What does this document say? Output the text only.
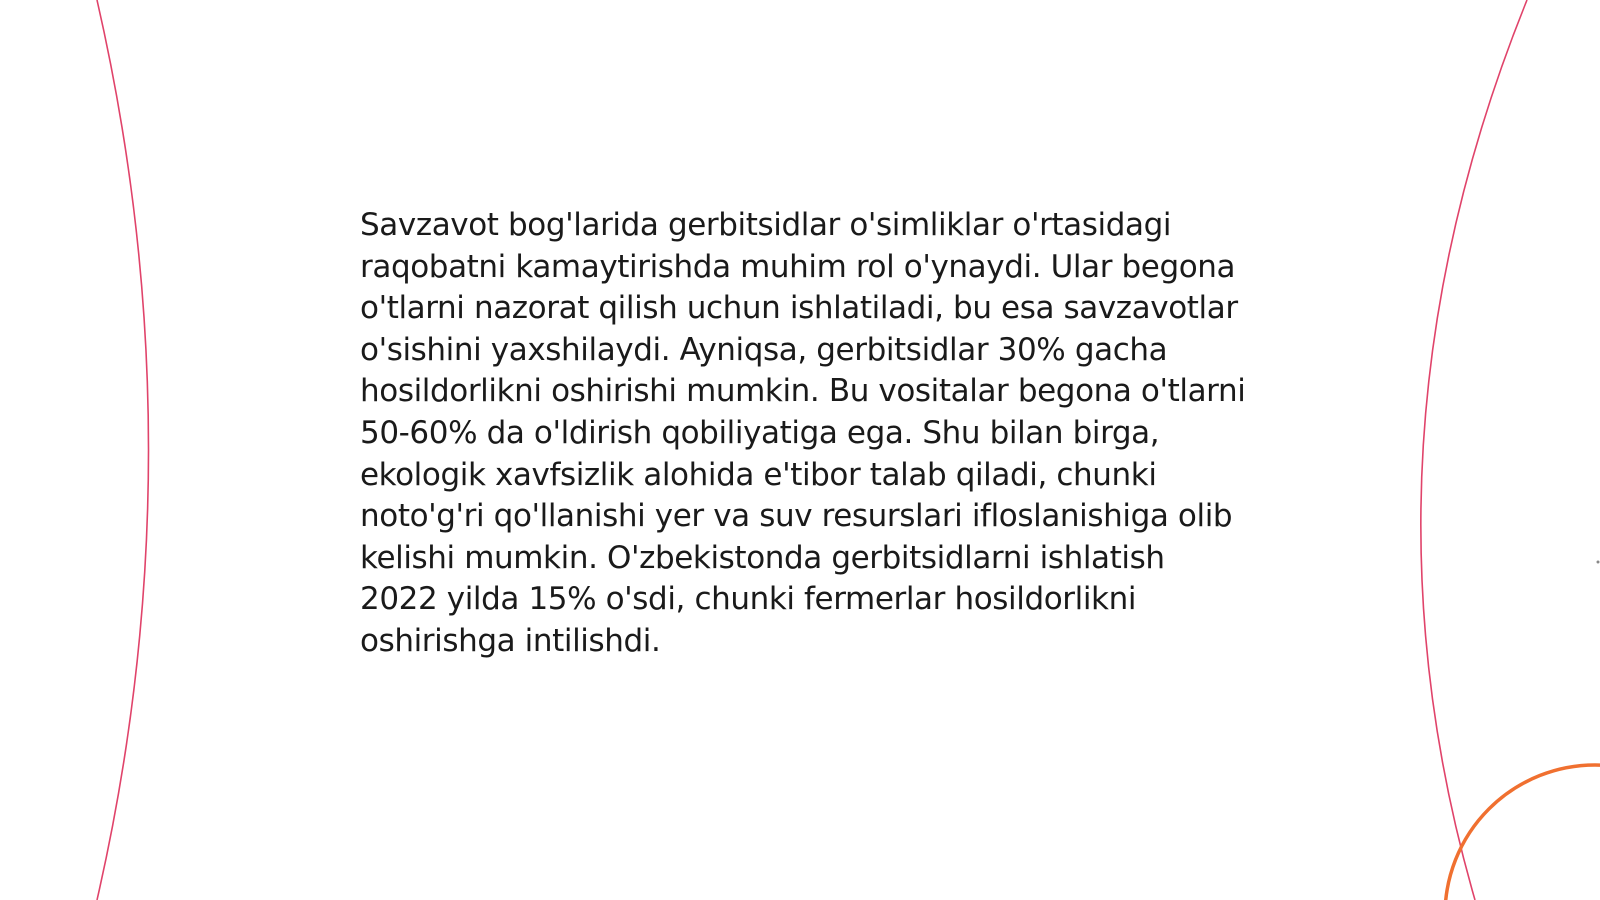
Savzavot bog'larida gerbitsidlar o'simliklar o'rtasidagi raqobatni kamaytirishda muhim rol o'ynaydi. Ular begona o'tlarni nazorat qilish uchun ishlatiladi, bu esa savzavotlar o'sishini yaxshilaydi. Ayniqsa, gerbitsidlar 30% gacha hosildorlikni oshirishi mumkin. Bu vositalar begona o'tlarni 50-60% da o'ldirish qobiliyatiga ega. Shu bilan birga, ekologik xavfsizlik alohida e'tibor talab qiladi, chunki noto'g'ri qo'llanishi yer va suv resurslari ifloslanishiga olib kelishi mumkin. O'zbekistonda gerbitsidlarni ishlatish 2022 yilda 15% o'sdi, chunki fermerlar hosildorlikni oshirishga intilishdi.
